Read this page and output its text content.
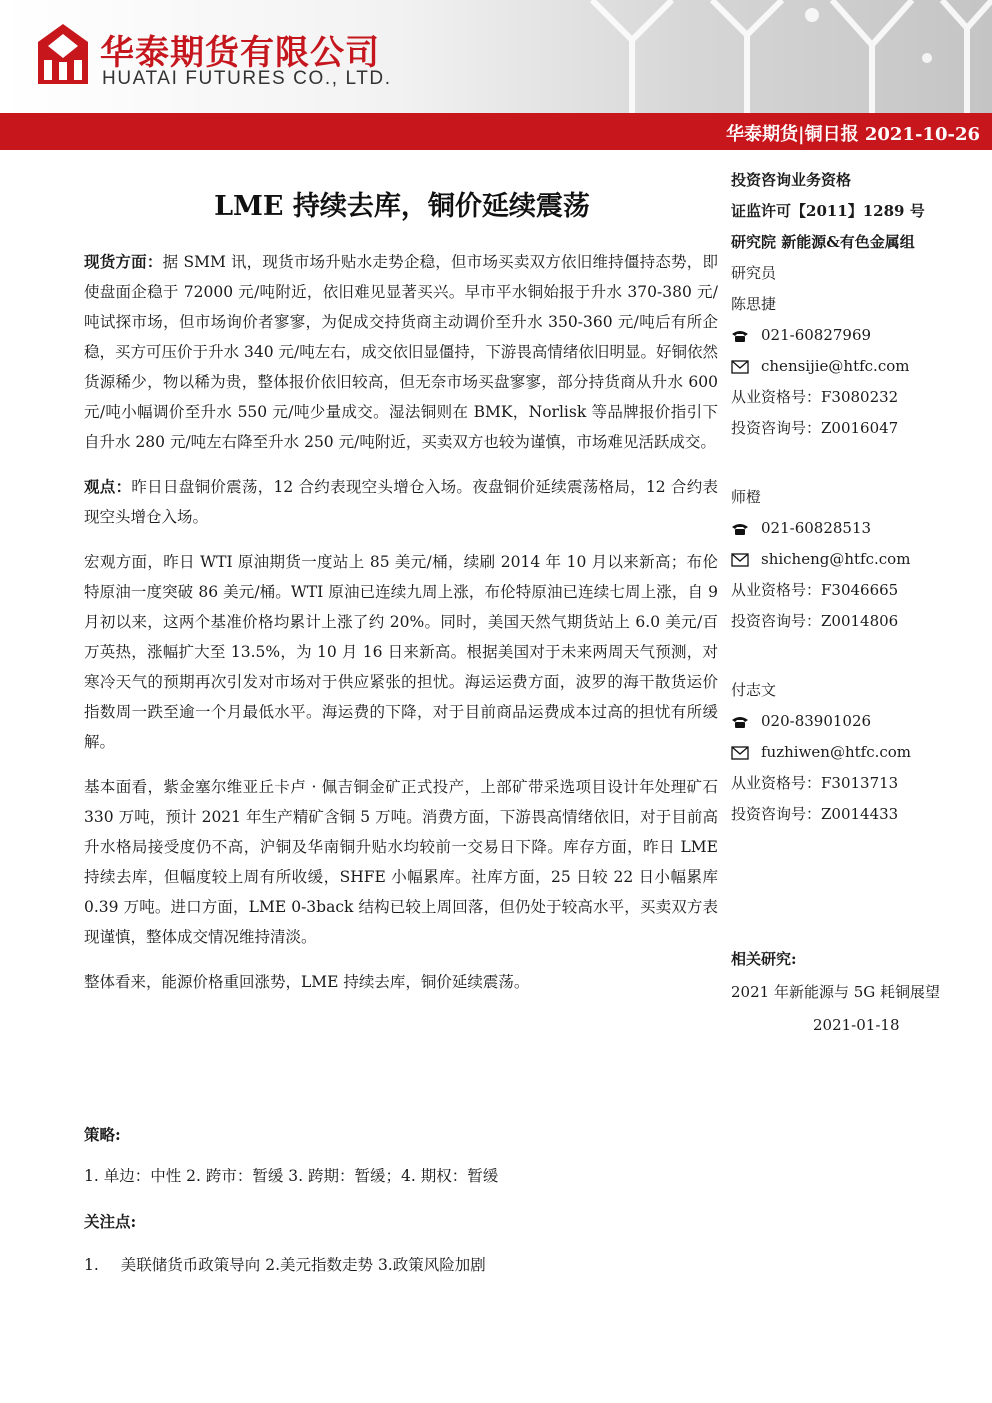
华泰期货有限公司
HUATAI FUTURES CO., LTD.
华泰期货|铜日报 2021-10-26
LME 持续去库，铜价延续震荡

现货方面：据 SMM 讯，现货市场升贴水走势企稳，但市场买卖双方依旧维持僵持态势，即使盘面企稳于 72000 元/吨附近，依旧难见显著买兴。早市平水铜始报于升水 370-380 元/吨试探市场，但市场询价者寥寥，为促成交持货商主动调价至升水 350-360 元/吨后有所企稳，买方可压价于升水 340 元/吨左右，成交依旧显僵持，下游畏高情绪依旧明显。好铜依然货源稀少，物以稀为贵，整体报价依旧较高，但无奈市场买盘寥寥，部分持货商从升水 600 元/吨小幅调价至升水 550 元/吨少量成交。湿法铜则在 BMK，Norlisk 等品牌报价指引下自升水 280 元/吨左右降至升水 250 元/吨附近，买卖双方也较为谨慎，市场难见活跃成交。

观点：昨日日盘铜价震荡，12 合约表现空头增仓入场。夜盘铜价延续震荡格局，12 合约表现空头增仓入场。

宏观方面，昨日 WTI 原油期货一度站上 85 美元/桶，续刷 2014 年 10 月以来新高；布伦特原油一度突破 86 美元/桶。WTI 原油已连续九周上涨，布伦特原油已连续七周上涨，自 9 月初以来，这两个基准价格均累计上涨了约 20%。同时，美国天然气期货站上 6.0 美元/百万英热，涨幅扩大至 13.5%，为 10 月 16 日来新高。根据美国对于未来两周天气预测，对寒冷天气的预期再次引发对市场对于供应紧张的担忧。海运运费方面，波罗的海干散货运价指数周一跌至逾一个月最低水平。海运费的下降，对于目前商品运费成本过高的担忧有所缓解。

基本面看，紫金塞尔维亚丘卡卢 · 佩吉铜金矿正式投产，上部矿带采选项目设计年处理矿石 330 万吨，预计 2021 年生产精矿含铜 5 万吨。消费方面，下游畏高情绪依旧，对于目前高升水格局接受度仍不高，沪铜及华南铜升贴水均较前一交易日下降。库存方面，昨日 LME 持续去库，但幅度较上周有所收缓，SHFE 小幅累库。社库方面，25 日较 22 日小幅累库 0.39 万吨。进口方面，LME 0-3back 结构已较上周回落，但仍处于较高水平，买卖双方表现谨慎，整体成交情况维持清淡。

整体看来，能源价格重回涨势，LME 持续去库，铜价延续震荡。

策略:
1. 单边：中性 2. 跨市：暂缓 3. 跨期：暂缓；4. 期权：暂缓
关注点:
1. 美联储货币政策导向 2.美元指数走势 3.政策风险加剧
投资咨询业务资格
证监许可【2011】1289 号
研究院 新能源&有色金属组
研究员
陈思捷
021-60827969
chensijie@htfc.com
从业资格号：F3080232
投资咨询号：Z0016047
师橙
021-60828513
shicheng@htfc.com
从业资格号：F3046665
投资咨询号：Z0014806
付志文
020-83901026
fuzhiwen@htfc.com
从业资格号：F3013713
投资咨询号：Z0014433
相关研究:
2021 年新能源与 5G 耗铜展望
2021-01-18
